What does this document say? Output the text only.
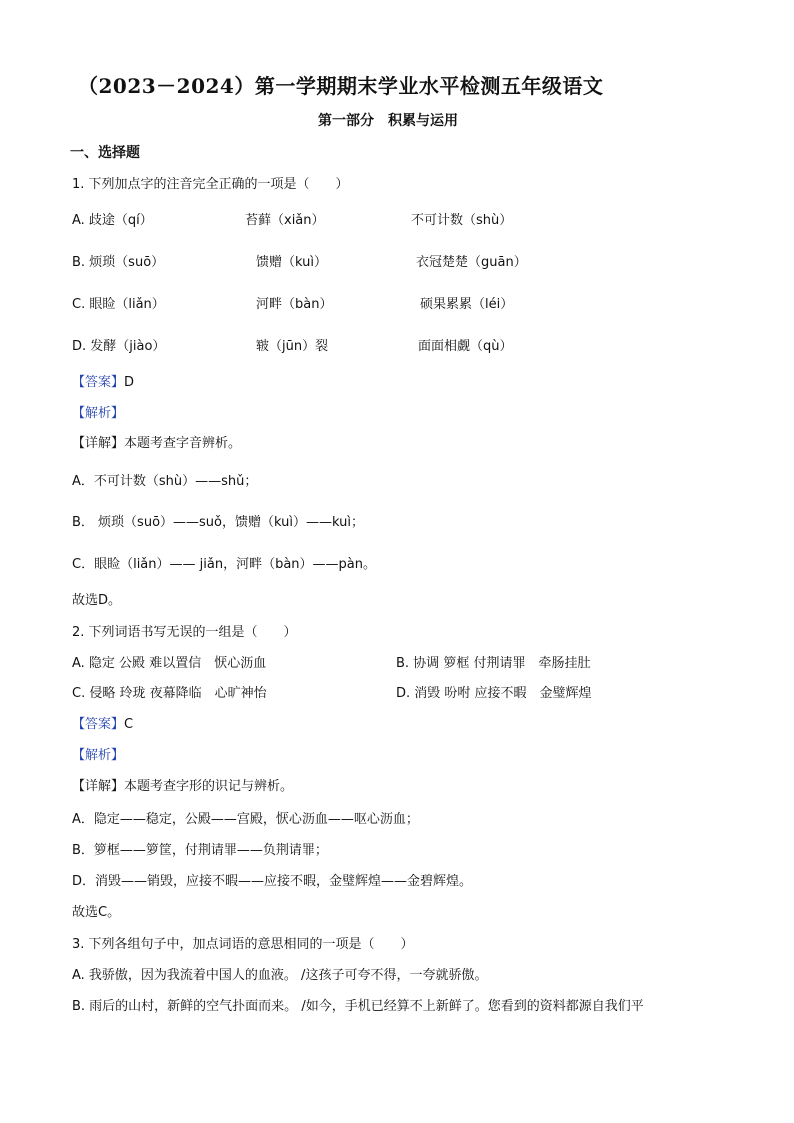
（2023－2024）第一学期期末学业水平检测五年级语文
第一部分　积累与运用
一、选择题
1. 下列加点字的注音完全正确的一项是（　　）
A. 歧途（qí）	苔藓（xiǎn）	不可计数（shù）
B. 烦琐（suō）	馈赠（kuì）	衣冠楚楚（guān）
C. 眼睑（liǎn）	河畔（bàn）	硕果累累（léi）
D. 发酵（jiào）	皲（jūn）裂	面面相觑（qù）
【答案】D
【解析】
【详解】本题考查字音辨析。
A．不可计数（shù）——shǔ；
B． 烦琐（suō）——suǒ，馈赠（kuì）——kuì；
C．眼睑（liǎn）—— jiǎn，河畔（bàn）——pàn。
故选D。
2. 下列词语书写无误的一组是（　　）
A. 隐定 公殿 难以置信　恹心沥血	B. 协调 箩框 付荆请罪　牵肠挂肚
C. 侵略 玲珑 夜幕降临　心旷神怡	D. 消毁 吩咐 应接不暇　金璧辉煌
【答案】C
【解析】
【详解】本题考查字形的识记与辨析。
A．隐定——稳定，公殿——宫殿，恹心沥血——呕心沥血；
B．箩框——箩筐，付荆请罪——负荆请罪；
D．消毁——销毁，应接不暇——应接不暇，金璧辉煌——金碧辉煌。
故选C。
3. 下列各组句子中，加点词语的意思相同的一项是（　　）
A. 我骄傲，因为我流着中国人的血液。 /这孩子可夸不得，一夸就骄傲。
B. 雨后的山村，新鲜的空气扑面而来。 /如今，手机已经算不上新鲜了。您看到的资料都源自我们平
